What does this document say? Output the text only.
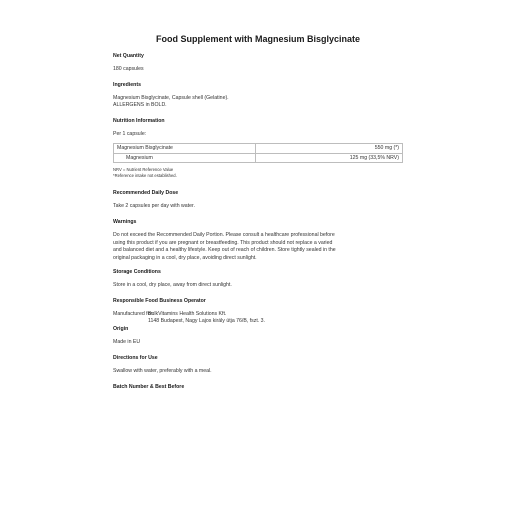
Food Supplement with Magnesium Bisglycinate
Net Quantity
180 capsules
Ingredients
Magnesium Bisglycinate, Capsule shell (Gelatine).
ALLERGENS in BOLD.
Nutrition Information
Per 1 capsule:
Magnesium Bisglycinate	550 mg (*)
Magnesium	125 mg (33,5% NRV)
NRV = Nutrient Reference Value
*Reference intake not established.
Recommended Daily Dose
Take 2 capsules per day with water.
Warnings
Do not exceed the Recommended Daily Portion. Please consult a healthcare professional before
using this product if you are pregnant or breastfeeding. This product should not replace a varied
and balanced diet and a healthy lifestyle. Keep out of reach of children. Store tightly sealed in the
original packaging in a cool, dry place, avoiding direct sunlight.
Storage Conditions
Store in a cool, dry place, away from direct sunlight.
Responsible Food Business Operator
Manufactured for:
BulkVitamins Health Solutions Kft.
1148 Budapest, Nagy Lajos király útja 76/B, fszt. 3.
Origin
Made in EU
Directions for Use
Swallow with water, preferably with a meal.
Batch Number & Best Before
